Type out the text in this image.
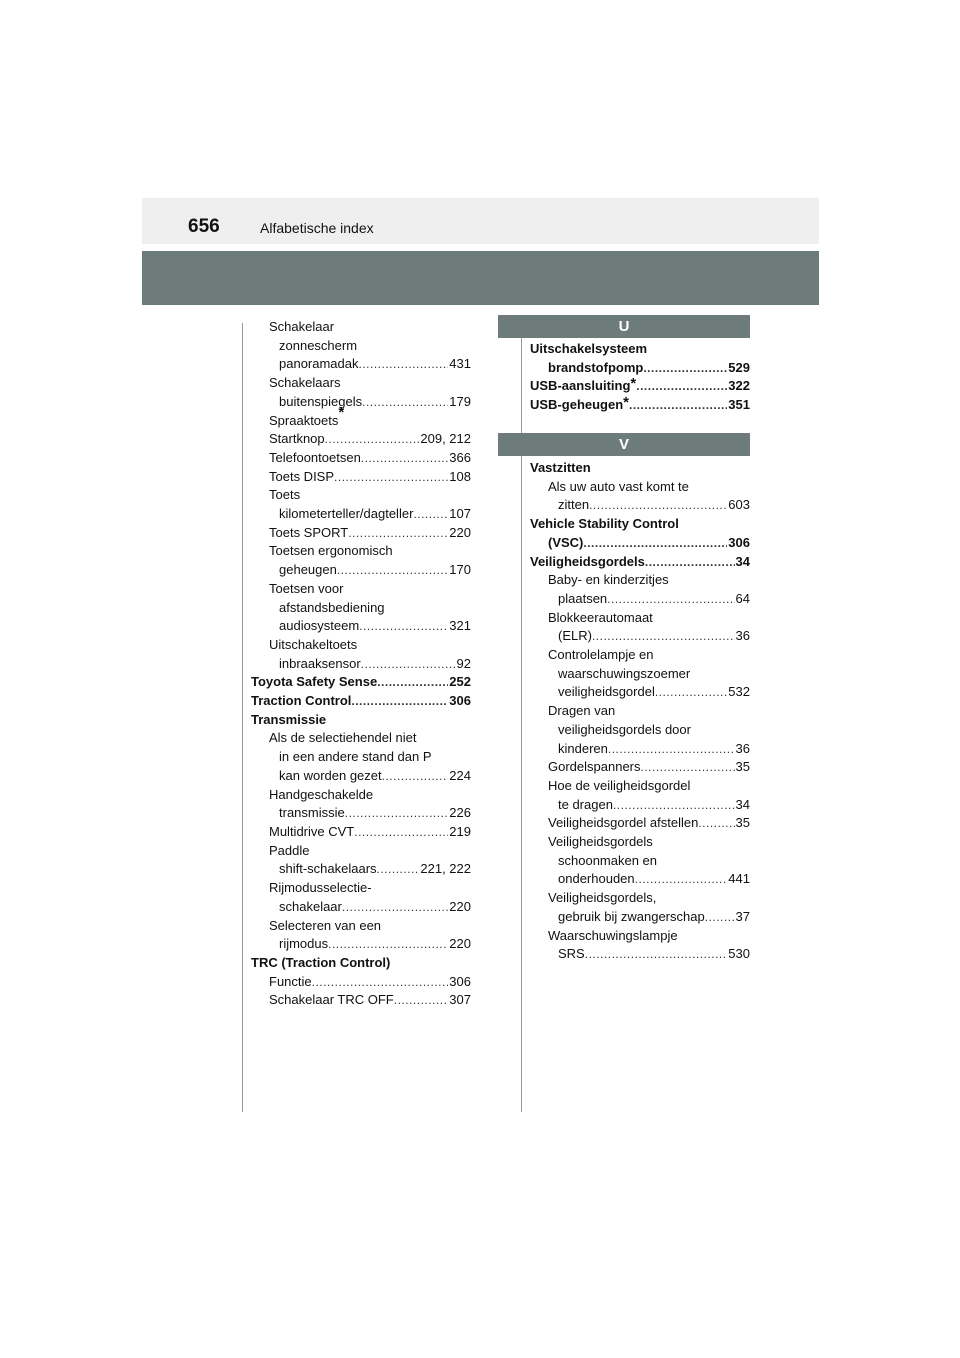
656	Alfabetische index
Schakelaar
zonnescherm
panoramadak .....	431
Schakelaars
buitenspiegels .....	179
Spraaktoets*
Startknop .....	209, 212
Telefoontoetsen .....	366
Toets DISP .....	108
Toets
kilometerteller/dagteller .....	107
Toets SPORT .....	220
Toetsen ergonomisch
geheugen .....	170
Toetsen voor
afstandsbediening
audiosysteem .....	321
Uitschakeltoets
inbraaksensor .....	92
Toyota Safety Sense .....	252
Traction Control .....	306
Transmissie
Als de selectiehendel niet
in een andere stand dan P
kan worden gezet .....	224
Handgeschakelde
transmissie .....	226
Multidrive CVT .....	219
Paddle
shift-schakelaars .....	221, 222
Rijmodusselectie-
schakelaar .....	220
Selecteren van een
rijmodus .....	220
TRC (Traction Control)
Functie .....	306
Schakelaar TRC OFF .....	307
U
Uitschakelsysteem
brandstofpomp .....	529
USB-aansluiting* .....	322
USB-geheugen* .....	351
V
Vastzitten
Als uw auto vast komt te
zitten .....	603
Vehicle Stability Control
(VSC) .....	306
Veiligheidsgordels .....	34
Baby- en kinderzitjes
plaatsen .....	64
Blokkeerautomaat
(ELR) .....	36
Controlelampje en
waarschuwingszoemer
veiligheidsgordel .....	532
Dragen van
veiligheidsgordels door
kinderen .....	36
Gordelspanners .....	35
Hoe de veiligheidsgordel
te dragen .....	34
Veiligheidsgordel afstellen .....	35
Veiligheidsgordels
schoonmaken en
onderhouden .....	441
Veiligheidsgordels,
gebruik bij zwangerschap ..... 37
Waarschuwingslampje
SRS .....	530
